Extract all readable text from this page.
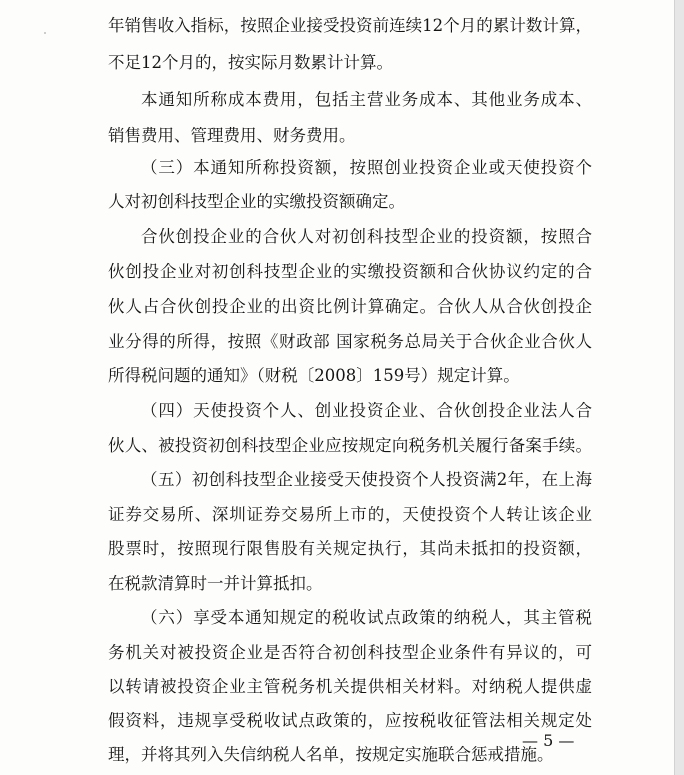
年销售收入指标，按照企业接受投资前连续12个月的累计数计算，
不足12个月的，按实际月数累计计算。
本通知所称成本费用，包括主营业务成本、其他业务成本、
销售费用、管理费用、财务费用。
（三）本通知所称投资额，按照创业投资企业或天使投资个
人对初创科技型企业的实缴投资额确定。
合伙创投企业的合伙人对初创科技型企业的投资额，按照合
伙创投企业对初创科技型企业的实缴投资额和合伙协议约定的合
伙人占合伙创投企业的出资比例计算确定。合伙人从合伙创投企
业分得的所得，按照《财政部 国家税务总局关于合伙企业合伙人
所得税问题的通知》（财税〔2008〕159号）规定计算。
（四）天使投资个人、创业投资企业、合伙创投企业法人合
伙人、被投资初创科技型企业应按规定向税务机关履行备案手续。
（五）初创科技型企业接受天使投资个人投资满2年，在上海
证券交易所、深圳证券交易所上市的，天使投资个人转让该企业
股票时，按照现行限售股有关规定执行，其尚未抵扣的投资额，
在税款清算时一并计算抵扣。
（六）享受本通知规定的税收试点政策的纳税人，其主管税
务机关对被投资企业是否符合初创科技型企业条件有异议的，可
以转请被投资企业主管税务机关提供相关材料。对纳税人提供虚
假资料，违规享受税收试点政策的，应按税收征管法相关规定处
理，并将其列入失信纳税人名单，按规定实施联合惩戒措施。
— 5 —
